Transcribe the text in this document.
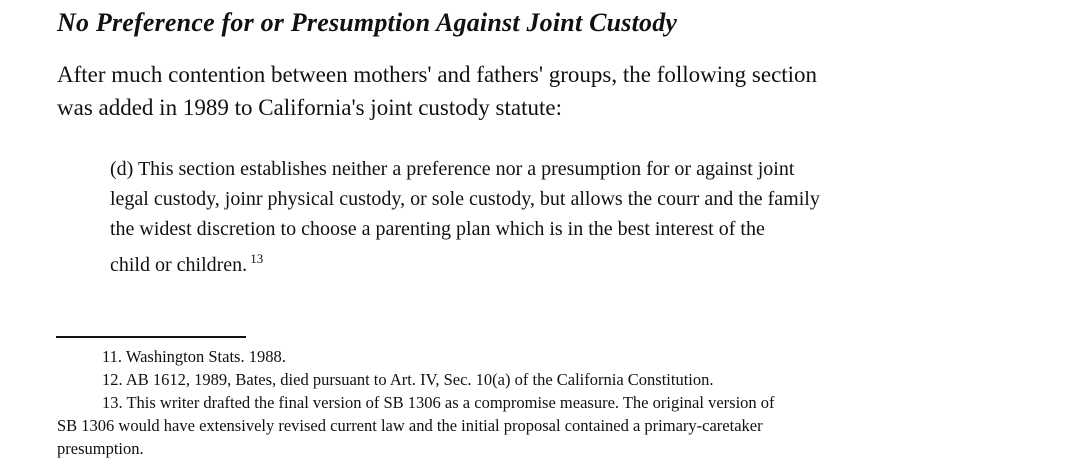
No Preference for or Presumption Against Joint Custody
After much contention between mothers' and fathers' groups, the following section
was added in 1989 to California's joint custody statute:
(d) This section establishes neither a preference nor a presumption for or against joint
legal custody, joinr physical custody, or sole custody, but allows the courr and the family
the widest discretion to choose a parenting plan which is in the best interest of the
child or children. $^{13}$
11. Washington Stats. 1988.
12. AB 1612, 1989, Bates, died pursuant to Art. IV, Sec. 10(a) of the California Constitution.
13. This writer drafted the final version of SB 1306 as a compromise measure. The original version of
SB 1306 would have extensively revised current law and the initial proposal contained a primary-caretaker
presumption.
